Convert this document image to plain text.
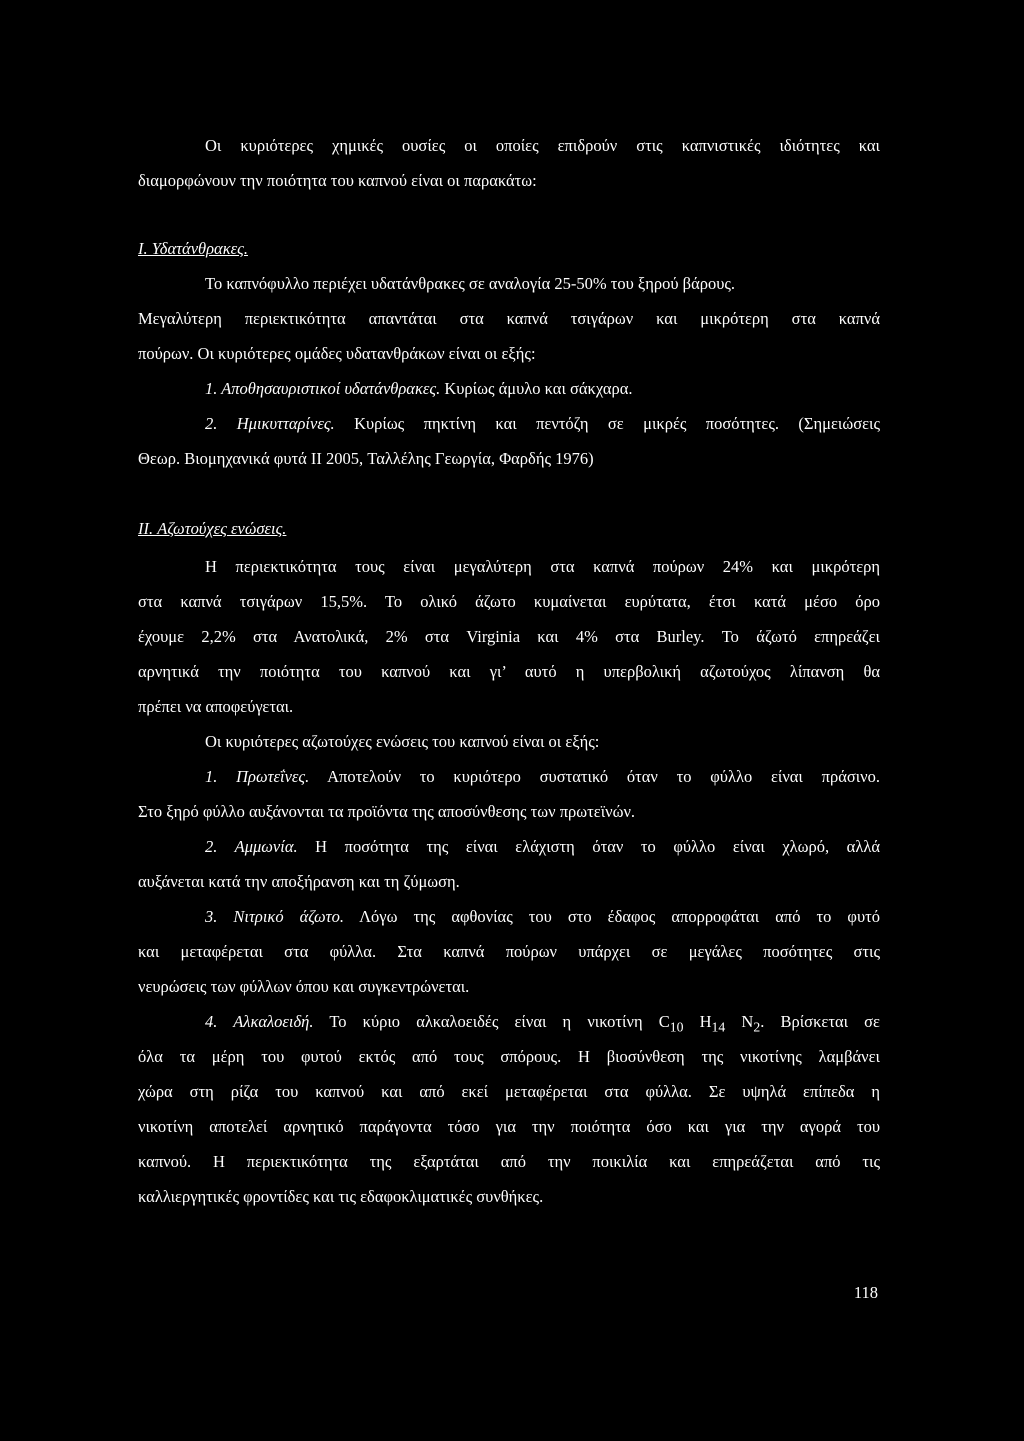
Οι κυριότερες χημικές ουσίες οι οποίες επιδρούν στις καπνιστικές ιδιότητες και
διαμορφώνουν την ποιότητα του καπνού είναι οι παρακάτω:
I. Υδατάνθρακες.
Το καπνόφυλλο περιέχει υδατάνθρακες σε αναλογία 25-50% του ξηρού βάρους.
Μεγαλύτερη περιεκτικότητα απαντάται στα καπνά τσιγάρων και μικρότερη στα καπνά
πούρων. Οι κυριότερες ομάδες υδατανθράκων είναι οι εξής:
1. Αποθησαυριστικοί υδατάνθρακες. Κυρίως άμυλο και σάκχαρα.
2. Ημικυτταρίνες. Κυρίως πηκτίνη και πεντόζη σε μικρές ποσότητες. (Σημειώσεις
Θεωρ. Βιομηχανικά φυτά II 2005, Ταλλέλης Γεωργία, Φαρδής 1976)
II. Αζωτούχες ενώσεις.
Η περιεκτικότητα τους είναι μεγαλύτερη στα καπνά πούρων 24% και μικρότερη
στα καπνά τσιγάρων 15,5%. Το ολικό άζωτο κυμαίνεται ευρύτατα, έτσι κατά μέσο όρο
έχουμε 2,2% στα Ανατολικά, 2% στα Virginia και 4% στα Burley. Το άζωτό επηρεάζει
αρνητικά την ποιότητα του καπνού και γι’ αυτό η υπερβολική αζωτούχος λίπανση θα
πρέπει να αποφεύγεται.
Οι κυριότερες αζωτούχες ενώσεις του καπνού είναι οι εξής:
1. Πρωτεΐνες. Αποτελούν το κυριότερο συστατικό όταν το φύλλο είναι πράσινο.
Στο ξηρό φύλλο αυξάνονται τα προϊόντα της αποσύνθεσης των πρωτεϊνών.
2. Αμμωνία. Η ποσότητα της είναι ελάχιστη όταν το φύλλο είναι χλωρό, αλλά
αυξάνεται κατά την αποξήρανση και τη ζύμωση.
3. Νιτρικό άζωτο. Λόγω της αφθονίας του στο έδαφος απορροφάται από το φυτό
και μεταφέρεται στα φύλλα. Στα καπνά πούρων υπάρχει σε μεγάλες ποσότητες στις
νευρώσεις των φύλλων όπου και συγκεντρώνεται.
4. Αλκαλοειδή. Το κύριο αλκαλοειδές είναι η νικοτίνη $C_{10}$ $H_{14}$ $N_2$. Βρίσκεται σε
όλα τα μέρη του φυτού εκτός από τους σπόρους. Η βιοσύνθεση της νικοτίνης λαμβάνει
χώρα στη ρίζα του καπνού και από εκεί μεταφέρεται στα φύλλα. Σε υψηλά επίπεδα η
νικοτίνη αποτελεί αρνητικό παράγοντα τόσο για την ποιότητα όσο και για την αγορά του
καπνού. Η περιεκτικότητα της εξαρτάται από την ποικιλία και επηρεάζεται από τις
καλλιεργητικές φροντίδες και τις εδαφοκλιματικές συνθήκες.
118
